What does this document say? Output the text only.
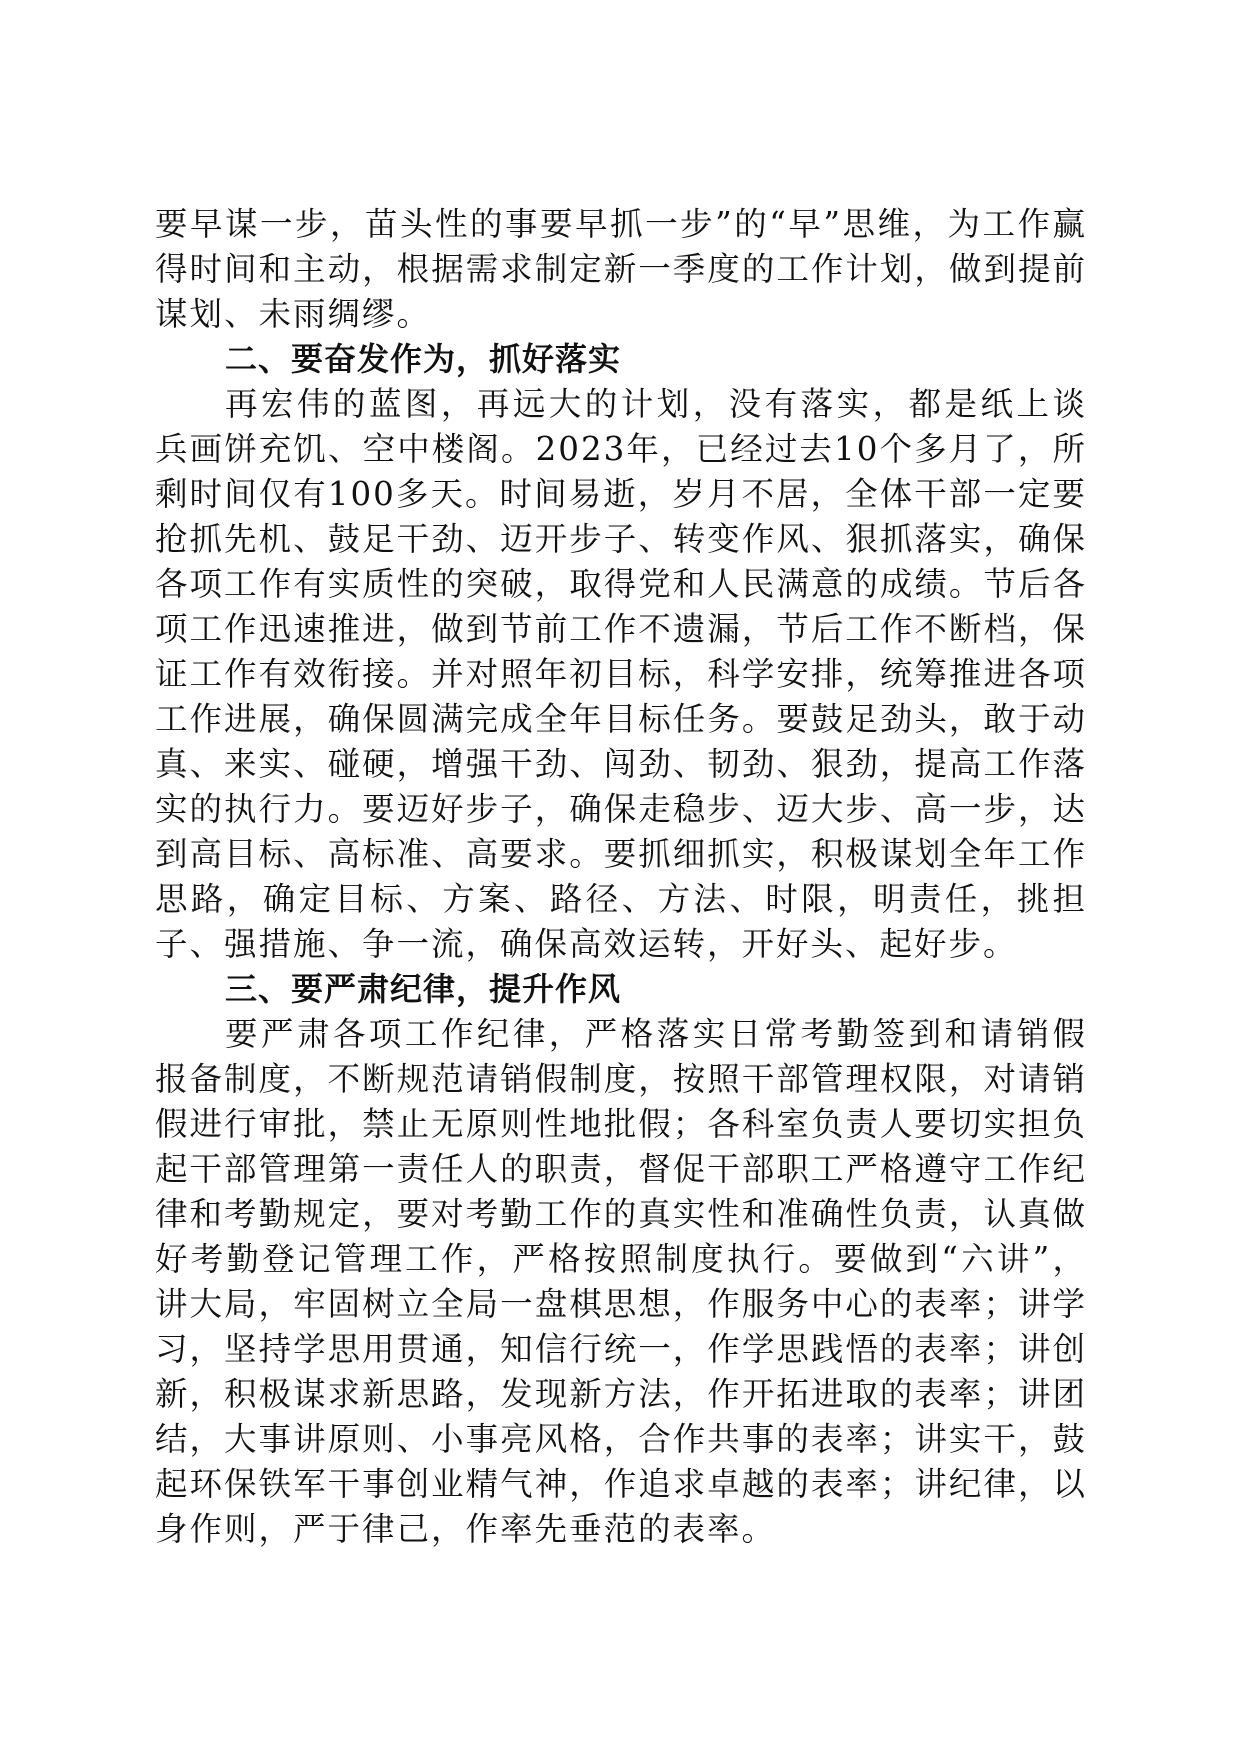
要早谋一步，苗头性的事要早抓一步”的“早”思维，为工作赢得时间和主动，根据需求制定新一季度的工作计划，做到提前谋划、未雨绸缪。

二、要奋发作为，抓好落实

再宏伟的蓝图，再远大的计划，没有落实，都是纸上谈兵画饼充饥、空中楼阁。2023年，已经过去10个多月了，所剩时间仅有100多天。时间易逝，岁月不居，全体干部一定要抢抓先机、鼓足干劲、迈开步子、转变作风、狠抓落实，确保各项工作有实质性的突破，取得党和人民满意的成绩。节后各项工作迅速推进，做到节前工作不遗漏，节后工作不断档，保证工作有效衔接。并对照年初目标，科学安排，统筹推进各项工作进展，确保圆满完成全年目标任务。要鼓足劲头，敢于动真、来实、碰硬，增强干劲、闯劲、韧劲、狠劲，提高工作落实的执行力。要迈好步子，确保走稳步、迈大步、高一步，达到高目标、高标准、高要求。要抓细抓实，积极谋划全年工作思路，确定目标、方案、路径、方法、时限，明责任，挑担子、强措施、争一流，确保高效运转，开好头、起好步。

三、要严肃纪律，提升作风

要严肃各项工作纪律，严格落实日常考勤签到和请销假报备制度，不断规范请销假制度，按照干部管理权限，对请销假进行审批，禁止无原则性地批假；各科室负责人要切实担负起干部管理第一责任人的职责，督促干部职工严格遵守工作纪律和考勤规定，要对考勤工作的真实性和准确性负责，认真做好考勤登记管理工作，严格按照制度执行。要做到“六讲”，讲大局，牢固树立全局一盘棋思想，作服务中心的表率；讲学习，坚持学思用贯通，知信行统一，作学思践悟的表率；讲创新，积极谋求新思路，发现新方法，作开拓进取的表率；讲团结，大事讲原则、小事亮风格，合作共事的表率；讲实干，鼓起环保铁军干事创业精气神，作追求卓越的表率；讲纪律，以身作则，严于律己，作率先垂范的表率。
